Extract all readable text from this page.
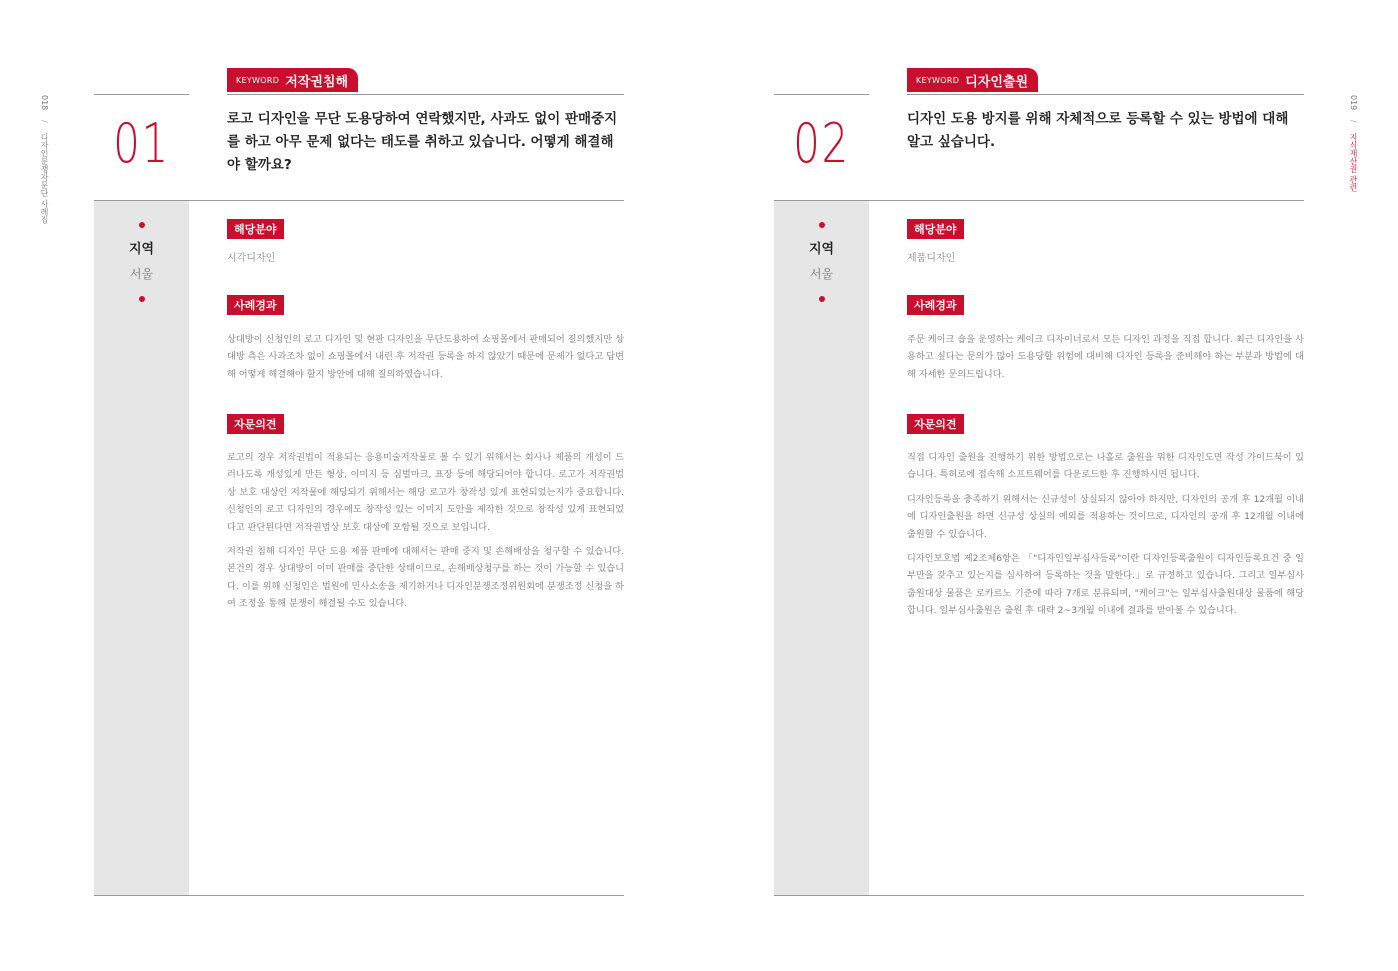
018
/
디자인분쟁자문단 사례집
019
/
지식재산권 관련
01
KEYWORD 저작권침해
로고 디자인을 무단 도용당하여 연락했지만, 사과도 없이 판매중지를 하고 아무 문제 없다는 태도를 취하고 있습니다. 어떻게 해결해야 할까요?
지역
서울
해당분야
시각디자인
사례경과

상대방이 신청인의 로고 디자인 및 현판 디자인을 무단도용하여 쇼핑몰에서 판매되어 질의했지만 상대방 측은 사과조차 없이 쇼핑몰에서 내린 후 저작권 등록을 하지 않았기 때문에 문제가 없다고 답변해 어떻게 해결해야 할지 방안에 대해 질의하였습니다.

자문의견

로고의 경우 저작권법이 적용되는 응용미술저작물로 볼 수 있기 위해서는 회사나 제품의 개성이 드러나도록 개성있게 만든 형상, 이미지 등 심벌마크, 표장 등에 해당되어야 합니다. 로고가 저작권법상 보호 대상인 저작물에 해당되기 위해서는 해당 로고가 창작성 있게 표현되었는지가 중요합니다. 신청인의 로고 디자인의 경우에도 창작성 있는 이미지 도안을 제작한 것으로 창작성 있게 표현되었다고 판단된다면 저작권법상 보호 대상에 포함될 것으로 보입니다.

저작권 침해 디자인 무단 도용 제품 판매에 대해서는 판매 중지 및 손해배상을 청구할 수 있습니다. 본건의 경우 상대방이 이미 판매를 중단한 상태이므로, 손해배상청구를 하는 것이 가능할 수 있습니다. 이를 위해 신청인은 법원에 민사소송을 제기하거나 디자인분쟁조정위원회에 분쟁조정 신청을 하여 조정을 통해 분쟁이 해결될 수도 있습니다.

02
KEYWORD 디자인출원
디자인 도용 방지를 위해 자체적으로 등록할 수 있는 방법에 대해 알고 싶습니다.
지역
서울
해당분야
제품디자인
사례경과

주문 케이크 숍을 운영하는 케이크 디자이너로서 모든 디자인 과정을 직접 합니다. 최근 디자인을 사용하고 싶다는 문의가 많아 도용당할 위험에 대비해 디자인 등록을 준비해야 하는 부분과 방법에 대해 자세한 문의드립니다.

자문의견

직접 디자인 출원을 진행하기 위한 방법으로는 나홀로 출원을 위한 디자인도면 작성 가이드북이 있습니다. 특허로에 접속해 소프트웨어를 다운로드한 후 진행하시면 됩니다.

디자인등록을 충족하기 위해서는 신규성이 상실되지 않아야 하지만, 디자인의 공개 후 12개월 이내에 디자인출원을 하면 신규성 상실의 예외를 적용하는 것이므로, 디자인의 공개 후 12개월 이내에 출원할 수 있습니다.

디자인보호법 제2조제6항은 「"디자인일부심사등록"이란 디자인등록출원이 디자인등록요건 중 일부만을 갖추고 있는지를 심사하여 등록하는 것을 말한다.」로 규정하고 있습니다. 그리고 일부심사출원대상 물품은 로카르노 기준에 따라 7개로 분류되며, "케이크"는 일부심사출원대상 물품에 해당합니다. 일부심사출원은 출원 후 대략 2~3개월 이내에 결과를 받아볼 수 있습니다.
